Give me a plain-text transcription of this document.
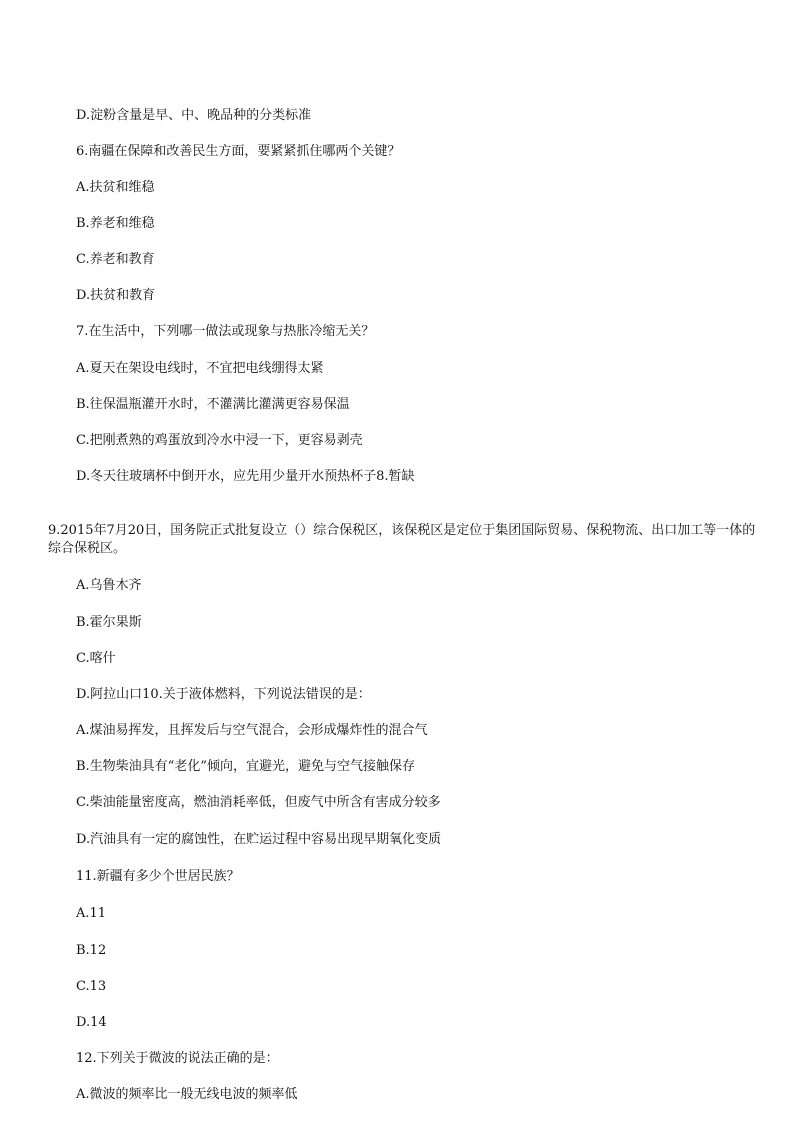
D.淀粉含量是早、中、晚品种的分类标准
6.南疆在保障和改善民生方面，要紧紧抓住哪两个关键？
A.扶贫和维稳
B.养老和维稳
C.养老和教育
D.扶贫和教育
7.在生活中，下列哪一做法或现象与热胀冷缩无关？
A.夏天在架设电线时，不宜把电线绷得太紧
B.往保温瓶灌开水时，不灌满比灌满更容易保温
C.把刚煮熟的鸡蛋放到冷水中浸一下，更容易剥壳
D.冬天往玻璃杯中倒开水，应先用少量开水预热杯子8.暂缺
9.2015年7月20日，国务院正式批复设立（）综合保税区，该保税区是定位于集团国际贸易、保税物流、出口加工等一体的综合保税区。
A.乌鲁木齐
B.霍尔果斯
C.喀什
D.阿拉山口10.关于液体燃料，下列说法错误的是：
A.煤油易挥发，且挥发后与空气混合，会形成爆炸性的混合气
B.生物柴油具有“老化”倾向，宜避光，避免与空气接触保存
C.柴油能量密度高，燃油消耗率低，但废气中所含有害成分较多
D.汽油具有一定的腐蚀性，在贮运过程中容易出现早期氧化变质
11.新疆有多少个世居民族？
A.11
B.12
C.13
D.14
12.下列关于微波的说法正确的是：
A.微波的频率比一般无线电波的频率低
